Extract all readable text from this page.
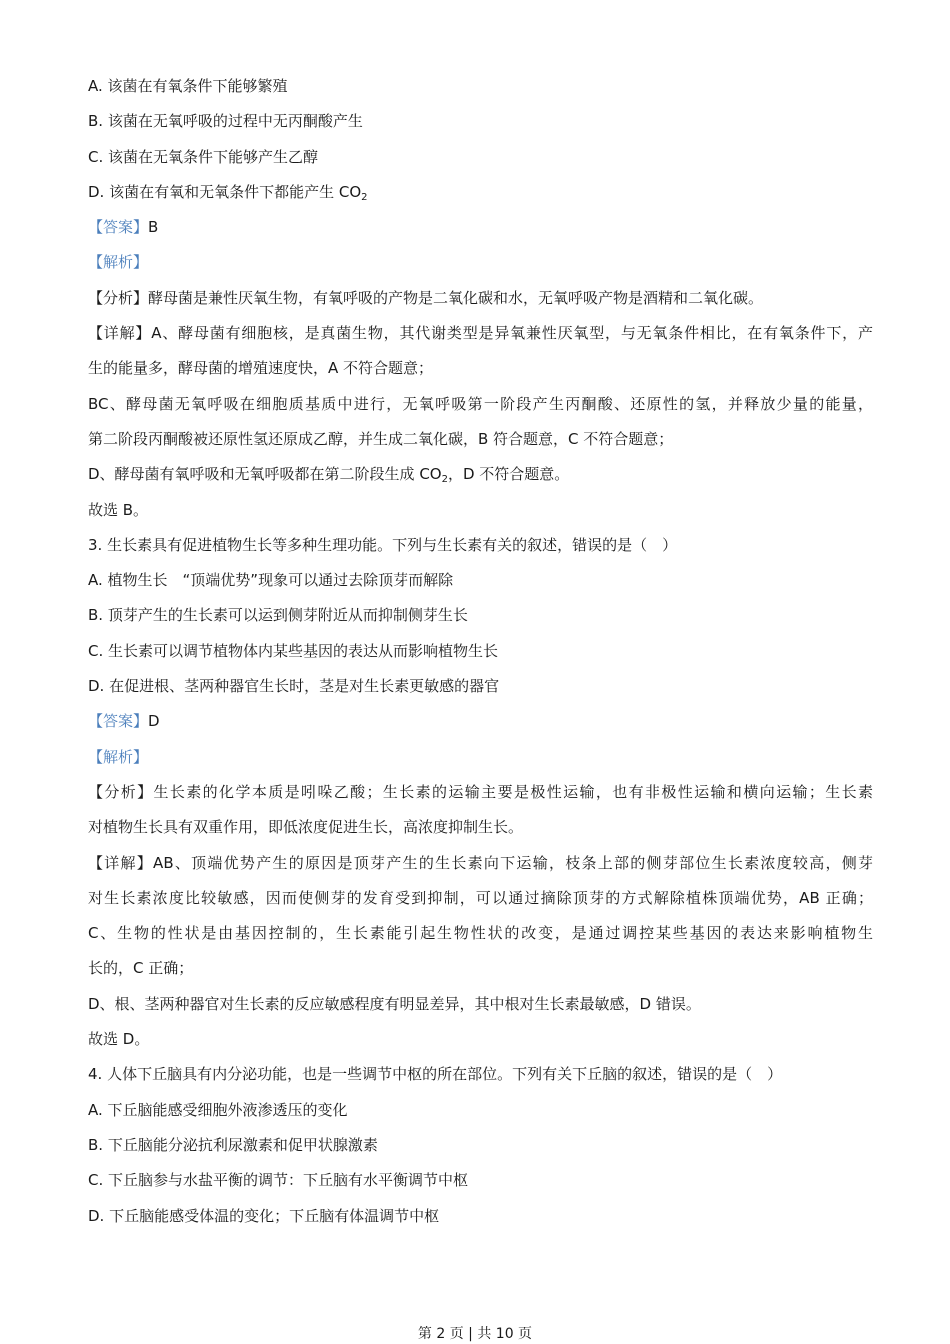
A. 该菌在有氧条件下能够繁殖
B. 该菌在无氧呼吸的过程中无丙酮酸产生
C. 该菌在无氧条件下能够产生乙醇
D. 该菌在有氧和无氧条件下都能产生 $CO_2$
【答案】B
【解析】
【分析】酵母菌是兼性厌氧生物，有氧呼吸的产物是二氧化碳和水，无氧呼吸产物是酒精和二氧化碳。
【详解】A、酵母菌有细胞核，是真菌生物，其代谢类型是异氧兼性厌氧型，与无氧条件相比，在有氧条件下，产
生的能量多，酵母菌的增殖速度快，A 不符合题意；
BC、酵母菌无氧呼吸在细胞质基质中进行，无氧呼吸第一阶段产生丙酮酸、还原性的氢，并释放少量的能量，
第二阶段丙酮酸被还原性氢还原成乙醇，并生成二氧化碳，B 符合题意，C 不符合题意；
D、酵母菌有氧呼吸和无氧呼吸都在第二阶段生成 $CO_2$，D 不符合题意。
故选 B。
3. 生长素具有促进植物生长等多种生理功能。下列与生长素有关的叙述，错误的是（　）
A. 植物生长　“顶端优势”现象可以通过去除顶芽而解除
B. 顶芽产生的生长素可以运到侧芽附近从而抑制侧芽生长
C. 生长素可以调节植物体内某些基因的表达从而影响植物生长
D. 在促进根、茎两种器官生长时，茎是对生长素更敏感的器官
【答案】D
【解析】
【分析】生长素的化学本质是吲哚乙酸；生长素的运输主要是极性运输，也有非极性运输和横向运输；生长素
对植物生长具有双重作用，即低浓度促进生长，高浓度抑制生长。
【详解】AB、顶端优势产生的原因是顶芽产生的生长素向下运输，枝条上部的侧芽部位生长素浓度较高，侧芽
对生长素浓度比较敏感，因而使侧芽的发育受到抑制，可以通过摘除顶芽的方式解除植株顶端优势，AB 正确；
C、生物的性状是由基因控制的，生长素能引起生物性状的改变，是通过调控某些基因的表达来影响植物生
长的，C 正确；
D、根、茎两种器官对生长素的反应敏感程度有明显差异，其中根对生长素最敏感，D 错误。
故选 D。
4. 人体下丘脑具有内分泌功能，也是一些调节中枢的所在部位。下列有关下丘脑的叙述，错误的是（　）
A. 下丘脑能感受细胞外液渗透压的变化
B. 下丘脑能分泌抗利尿激素和促甲状腺激素
C. 下丘脑参与水盐平衡的调节：下丘脑有水平衡调节中枢
D. 下丘脑能感受体温的变化；下丘脑有体温调节中枢
第 2 页 | 共 10 页
